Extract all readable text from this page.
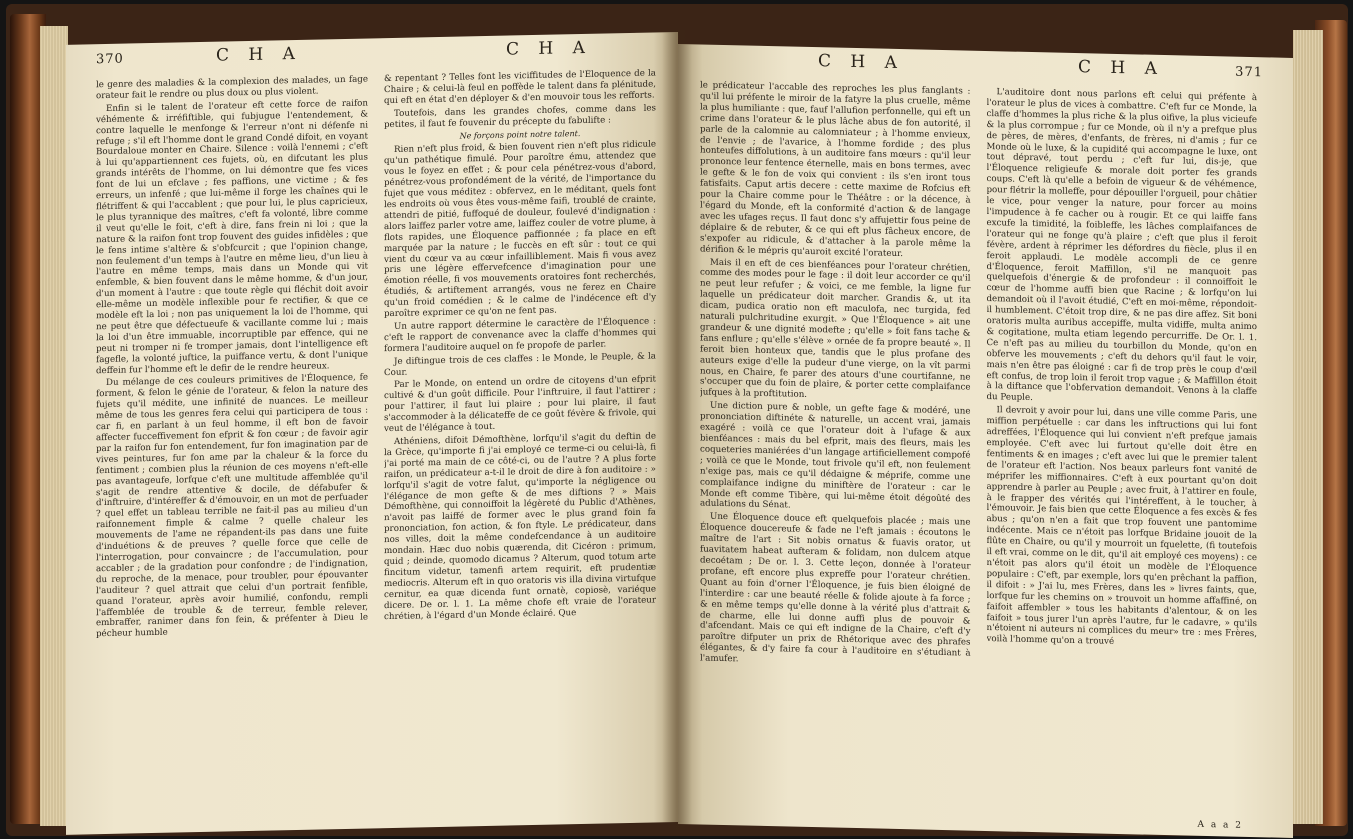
370	C H A	C H A

le genre des maladies & la complexion des malades, un fage orateur fait le rendre ou plus doux ou plus violent.

Enfin si le talent de l'orateur eft cette force de raifon véhémente & irréfiftible, qui fubjugue l'entendement, & contre laquelle le menfonge & l'erreur n'ont ni défenfe ni refuge ; s'il eft l'homme dont le grand Condé difoit, en voyant Bourdaloue monter en Chaire. Silence : voilà l'ennemi ; c'eft à lui qu'appartiennent ces fujets, où, en difcutant les plus grands intérêts de l'homme, on lui démontre que fes vices font de lui un efclave ; fes paffions, une victime ; & fes erreurs, un infenfé ; que lui-même il forge les chaînes qui le flétriffent & qui l'accablent ; que pour lui, le plus capricieux, le plus tyrannique des maîtres, c'eft fa volonté, libre comme il veut qu'elle le foit, c'eft à dire, fans frein ni loi ; que la nature & la raifon font trop fouvent des guides infidèles ; que le fens intime s'altère & s'obfcurcit ; que l'opinion change, non feulement d'un temps à l'autre en même lieu, d'un lieu à l'autre en même temps, mais dans un Monde qui vit enfemble, & bien fouvent dans le même homme, & d'un jour, d'un moment à l'autre : que toute règle qui fléchit doit avoir elle-même un modèle inflexible pour fe rectifier, & que ce modèle eft la loi ; non pas uniquement la loi de l'homme, qui ne peut être que défectueufe & vacillante comme lui ; mais la loi d'un être immuable, incorruptible par effence, qui ne peut ni tromper ni fe tromper jamais, dont l'intelligence eft fagefle, la volonté juftice, la puiffance vertu, & dont l'unique deffein fur l'homme eft le defir de le rendre heureux.

Du mélange de ces couleurs primitives de l'Éloquence, fe forment, & felon le génie de l'orateur, & felon la nature des fujets qu'il médite, une infinité de nuances. Le meilleur même de tous les genres fera celui qui participera de tous : car fi, en parlant à un feul homme, il eft bon de favoir affecter fucceffivement fon efprit & fon cœur ; de favoir agir par la raifon fur fon entendement, fur fon imagination par de vives peintures, fur fon ame par la chaleur & la force du fentiment ; combien plus la réunion de ces moyens n'eft-elle pas avantageufe, lorfque c'eft une multitude affemblée qu'il s'agit de rendre attentive & docile, de défabufer & d'inftruire, d'intéreffer & d'émouvoir, en un mot de perfuader ? quel effet un tableau terrible ne fait-il pas au milieu d'un raifonnement fimple & calme ? quelle chaleur les mouvements de l'ame ne répandent-ils pas dans une fuite d'induétions & de preuves ? quelle force que celle de l'interrogation, pour convaincre ; de l'accumulation, pour accabler ; de la gradation pour confondre ; de l'indignation, du reproche, de la menace, pour troubler, pour épouvanter l'auditeur ? quel attrait que celui d'un portrait fenfible, quand l'orateur, après avoir humilié, confondu, rempli l'affemblée de trouble & de terreur, femble relever, embraffer, ranimer dans fon fein, & préfenter à Dieu le pécheur humble

& repentant ? Telles font les viciffitudes de l'Éloquence de la Chaire ; & celui-là feul en poffède le talent dans fa plénitude, qui eft en état d'en déployer & d'en mouvoir tous les refforts.

Toutefois, dans les grandes chofes, comme dans les petites, il faut fe fouvenir du précepte du fabulifte :

Ne forçons point notre talent.

Rien n'eft plus froid, & bien fouvent rien n'eft plus ridicule qu'un pathétique fimulé. Pour paroître ému, attendez que vous le foyez en effet ; & pour cela pénétrez-vous d'abord, pénétrez-vous profondément de la vérité, de l'importance du fujet que vous méditez : obfervez, en le méditant, quels font les endroits où vous êtes vous-même faifi, troublé de crainte, attendri de pitié, fuffoqué de douleur, foulevé d'indignation : alors laiffez parler votre ame, laiffez couler de votre plume, à flots rapides, une Éloquence paffionnée ; fa place en eft marquée par la nature ; le fuccès en eft sûr : tout ce qui vient du cœur va au cœur infailliblement. Mais fi vous avez pris une légère effervefcence d'imagination pour une émotion réelle, fi vos mouvements oratoires font recherchés, étudiés, & artiftement arrangés, vous ne ferez en Chaire qu'un froid comédien ; & le calme de l'indécence eft d'y paroître exprimer ce qu'on ne fent pas.

Un autre rapport détermine le caractère de l'Éloquence : c'eft le rapport de convenance avec la claffe d'hommes qui formera l'auditoire auquel on fe propofe de parler.

Je diftingue trois de ces claffes : le Monde, le Peuple, & la Cour.

Par le Monde, on entend un ordre de citoyens d'un efprit cultivé & d'un goût difficile. Pour l'inftruire, il faut l'attirer ; pour l'attirer, il faut lui plaire ; pour lui plaire, il faut s'accommoder à la délicateffe de ce goût févère & frivole, qui veut de l'élégance à tout.

Athéniens, difoit Démofthène, lorfqu'il s'agit du deftin de la Grèce, qu'importe fi j'ai employé ce terme-ci ou celui-là, fi j'ai porté ma main de ce côté-ci, ou de l'autre ? A plus forte raifon, un prédicateur a-t-il le droit de dire à fon auditoire : » lorfqu'il s'agit de votre falut, qu'importe la négligence ou l'élégance de mon gefte & de mes diftions ? » Mais Démofthène, qui connoiffoit la légèreté du Public d'Athènes, n'avoit pas laiffé de former avec le plus grand foin fa prononciation, fon action, & fon ftyle. Le prédicateur, dans nos villes, doit la même condefcendance à un auditoire mondain. Hæc duo nobis quærenda, dit Cicéron : primum, quid ; deinde, quomodo dicamus ? Alterum, quod totum arte fincitum videtur, tamenfi artem requirit, eft prudentiæ mediocris. Alterum eft in quo oratoris vis illa divina virtufque cernitur, ea quæ dicenda funt ornatè, copiosè, variéque dicere. De or. l. 1. La même chofe eft vraie de l'orateur chrétien, à l'égard d'un Monde éclairé. Que

C H A	C H A	371

le prédicateur l'accable des reproches les plus fanglants : qu'il lui préfente le miroir de la fatyre la plus cruelle, même la plus humiliante : que, fauf l'allufion perfonnelle, qui eft un crime dans l'orateur & le plus lâche abus de fon autorité, il parle de la calomnie au calomniateur ; à l'homme envieux, de l'envie ; de l'avarice, à l'homme fordide ; des plus honteufes diffolutions, à un auditoire fans mœurs : qu'il leur prononce leur fentence éternelle, mais en bons termes, avec le gefte & le fon de voix qui convient : ils s'en iront tous fatisfaits. Caput artis decere : cette maxime de Rofcius eft pour la Chaire comme pour le Théâtre : or la décence, à l'égard du Monde, eft la conformité d'action & de langage avec les ufages reçus. Il faut donc s'y affujettir fous peine de déplaire & de rebuter, & ce qui eft plus fâcheux encore, de s'expofer au ridicule, & d'attacher à la parole même la dérifion & le mépris qu'auroit excité l'orateur.

Mais il en eft de ces bienféances pour l'orateur chrétien, comme des modes pour le fage : il doit leur accorder ce qu'il ne peut leur refufer ; & voici, ce me femble, la ligne fur laquelle un prédicateur doit marcher. Grandis &, ut ita dicam, pudica oratio non eft maculofa, nec turgida, fed naturali pulchritudine exurgit. » Que l'Éloquence » ait une grandeur & une dignité modefte ; qu'elle » foit fans tache & fans enflure ; qu'elle s'élève » ornée de fa propre beauté ». Il feroit bien honteux que, tandis que le plus profane des auteurs exige d'elle la pudeur d'une vierge, on la vît parmi nous, en Chaire, fe parer des atours d'une courtifanne, ne s'occuper que du foin de plaire, & porter cette complaifance jufques à la proftitution.

Une diction pure & noble, un gefte fage & modéré, une prononciation diftinéte & naturelle, un accent vrai, jamais exagéré : voilà ce que l'orateur doit à l'ufage & aux bienféances : mais du bel efprit, mais des fleurs, mais les coqueteries maniérées d'un langage artificiellement compofé ; voilà ce que le Monde, tout frivole qu'il eft, non feulement n'exige pas, mais ce qu'il dédaigne & méprife, comme une complaifance indigne du miniftère de l'orateur : car le Monde eft comme Tibère, qui lui-même étoit dégoûté des adulations du Sénat.

Une Éloquence douce eft quelquefois placée ; mais une Éloquence doucereufe & fade ne l'eft jamais : écoutons le maître de l'art : Sit nobis ornatus & fuavis orator, ut fuavitatem habeat aufteram & folidam, non dulcem atque decoétam ; De or. l. 3. Cette leçon, donnée à l'orateur profane, eft encore plus expreffe pour l'orateur chrétien. Quant au foin d'orner l'Éloquence, je fuis bien éloigné de l'interdire : car une beauté réelle & folide ajoute à fa force ; & en même temps qu'elle donne à la vérité plus d'attrait & de charme, elle lui donne auffi plus de pouvoir & d'afcendant. Mais ce qui eft indigne de la Chaire, c'eft d'y paroître difputer un prix de Rhétorique avec des phrafes élégantes, & d'y faire fa cour à l'auditoire en s'étudiant à l'amufer.

L'auditoire dont nous parlons eft celui qui préfente à l'orateur le plus de vices à combattre. C'eft fur ce Monde, la claffe d'hommes la plus riche & la plus oifive, la plus vicieufe & la plus corrompue ; fur ce Monde, où il n'y a prefque plus de pères, de mères, d'enfants, de frères, ni d'amis ; fur ce Monde où le luxe, & la cupidité qui accompagne le luxe, ont tout dépravé, tout perdu ; c'eft fur lui, dis-je, que l'Éloquence religieufe & morale doit porter fes grands coups. C'eft là qu'elle a befoin de vigueur & de véhémence, pour flétrir la molleffe, pour dépouiller l'orgueil, pour châtier le vice, pour venger la nature, pour forcer au moins l'impudence à fe cacher ou à rougir. Et ce qui laiffe fans excufe la timidité, la foibleffe, les lâches complaifances de l'orateur qui ne fonge qu'à plaire ; c'eft que plus il feroit févère, ardent à réprimer les défordres du fiècle, plus il en feroit applaudi. Le modèle accompli de ce genre d'Éloquence, feroit Maffillon, s'il ne manquoit pas quelquefois d'énergie & de profondeur : il connoiffoit le cœur de l'homme auffi bien que Racine ; & lorfqu'on lui demandoit où il l'avoit étudié, C'eft en moi-même, répondoit-il humblement. C'étoit trop dire, & ne pas dire affez. Sit boni oratoris multa auribus accepiffe, multa vidiffe, multa animo & cogitatione, multa etiam legendo percurriffe. De Or. l. 1. Ce n'eft pas au milieu du tourbillon du Monde, qu'on en obferve les mouvements ; c'eft du dehors qu'il faut le voir, mais n'en être pas éloigné : car fi de trop près le coup d'œil eft confus, de trop loin il feroit trop vague ; & Maffillon étoit à la diftance que l'obfervation demandoit. Venons à la claffe du Peuple.

Il devroit y avoir pour lui, dans une ville comme Paris, une miffion perpétuelle : car dans les inftructions qui lui font adreffées, l'Éloquence qui lui convient n'eft prefque jamais employée. C'eft avec lui furtout qu'elle doit être en fentiments & en images ; c'eft avec lui que le premier talent de l'orateur eft l'action. Nos beaux parleurs font vanité de méprifer les miffionnaires. C'eft à eux pourtant qu'on doit apprendre à parler au Peuple ; avec fruit, à l'attirer en foule, à le frapper des vérités qui l'intéreffent, à le toucher, à l'émouvoir. Je fais bien que cette Éloquence a fes excès & fes abus ; qu'on n'en a fait que trop fouvent une pantomime indécente. Mais ce n'étoit pas lorfque Bridaine jouoit de la flûte en Chaire, ou qu'il y mourroit un fquelette, (fi toutefois il eft vrai, comme on le dit, qu'il ait employé ces moyens) : ce n'étoit pas alors qu'il étoit un modèle de l'Éloquence populaire : C'eft, par exemple, lors qu'en prêchant la paffion, il difoit : » J'ai lu, mes Frères, dans les » livres faints, que, lorfque fur les chemins on » trouvoit un homme affaffiné, on faifoit affembler » tous les habitants d'alentour, & on les faifoit » tous jurer l'un après l'autre, fur le cadavre, » qu'ils n'étoient ni auteurs ni complices du meur» tre : mes Frères, voilà l'homme qu'on a trouvé

A a a 2
